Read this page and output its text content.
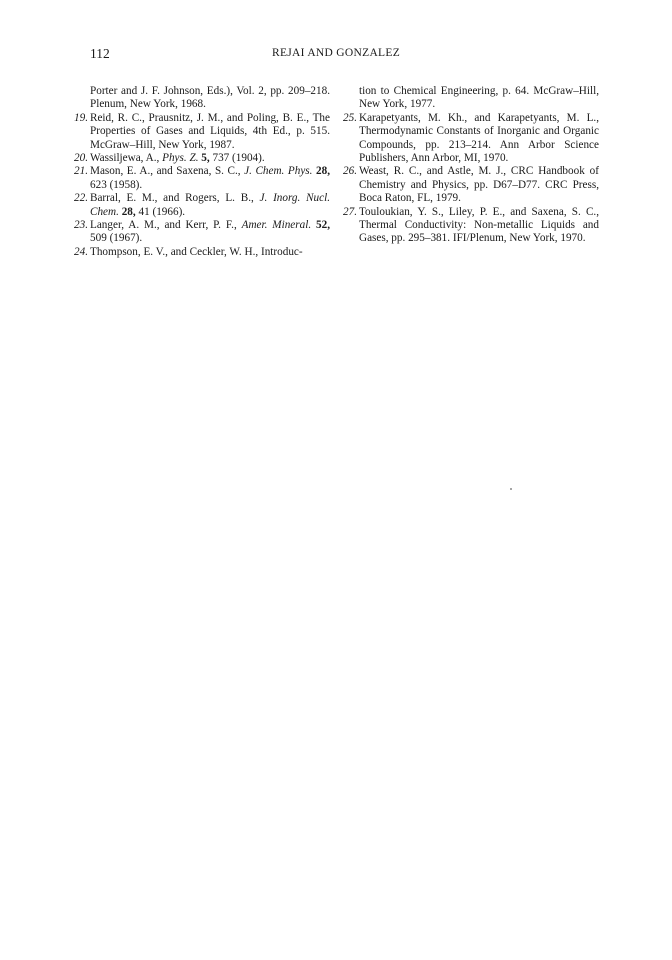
112	REJAI AND GONZALEZ

Porter and J. F. Johnson, Eds.), Vol. 2, pp. 209–218. Plenum, New York, 1968.

19. Reid, R. C., Prausnitz, J. M., and Poling, B. E., The Properties of Gases and Liquids, 4th Ed., p. 515. McGraw–Hill, New York, 1987.

20. Wassiljewa, A., Phys. Z. 5, 737 (1904).

21. Mason, E. A., and Saxena, S. C., J. Chem. Phys. 28, 623 (1958).

22. Barral, E. M., and Rogers, L. B., J. Inorg. Nucl. Chem. 28, 41 (1966).

23. Langer, A. M., and Kerr, P. F., Amer. Mineral. 52, 509 (1967).

24. Thompson, E. V., and Ceckler, W. H., Introduc-

tion to Chemical Engineering, p. 64. McGraw–Hill, New York, 1977.

25. Karapetyants, M. Kh., and Karapetyants, M. L., Thermodynamic Constants of Inorganic and Organic Compounds, pp. 213–214. Ann Arbor Science Publishers, Ann Arbor, MI, 1970.

26. Weast, R. C., and Astle, M. J., CRC Handbook of Chemistry and Physics, pp. D67–D77. CRC Press, Boca Raton, FL, 1979.

27. Touloukian, Y. S., Liley, P. E., and Saxena, S. C., Thermal Conductivity: Non-metallic Liquids and Gases, pp. 295–381. IFI/Plenum, New York, 1970.
